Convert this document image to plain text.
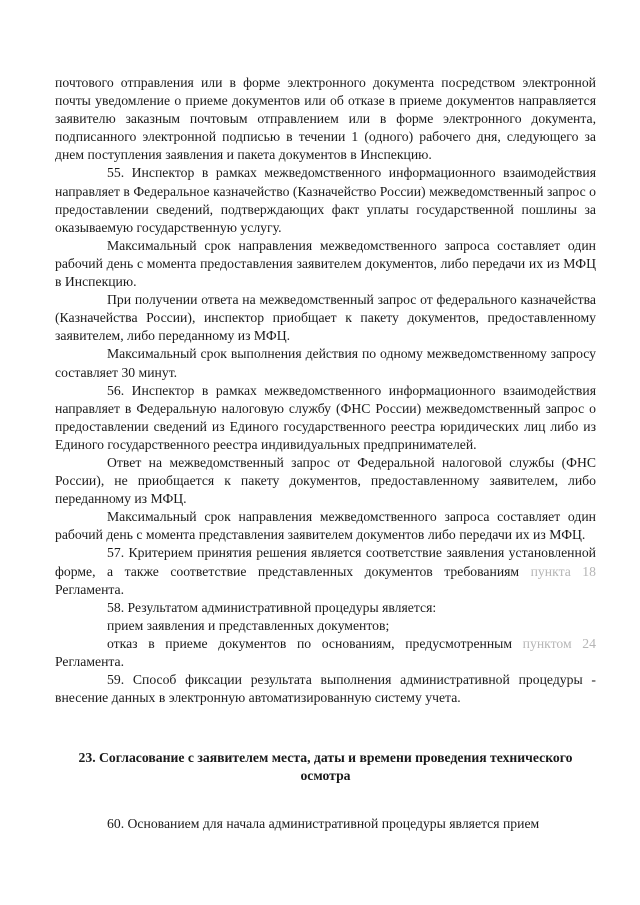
почтового отправления или в форме электронного документа посредством электронной почты уведомление о приеме документов или об отказе в приеме документов направляется заявителю заказным почтовым отправлением или в форме электронного документа, подписанного электронной подписью в течении 1 (одного) рабочего дня, следующего за днем поступления заявления и пакета документов в Инспекцию.

55. Инспектор в рамках межведомственного информационного взаимодействия направляет в Федеральное казначейство (Казначейство России) межведомственный запрос о предоставлении сведений, подтверждающих факт уплаты государственной пошлины за оказываемую государственную услугу.

Максимальный срок направления межведомственного запроса составляет один рабочий день с момента предоставления заявителем документов, либо передачи их из МФЦ в Инспекцию.

При получении ответа на межведомственный запрос от федерального казначейства (Казначейства России), инспектор приобщает к пакету документов, предоставленному заявителем, либо переданному из МФЦ.

Максимальный срок выполнения действия по одному межведомственному запросу составляет 30 минут.

56. Инспектор в рамках межведомственного информационного взаимодействия направляет в Федеральную налоговую службу (ФНС России) межведомственный запрос о предоставлении сведений из Единого государственного реестра юридических лиц либо из Единого государственного реестра индивидуальных предпринимателей.

Ответ на межведомственный запрос от Федеральной налоговой службы (ФНС России), не приобщается к пакету документов, предоставленному заявителем, либо переданному из МФЦ.

Максимальный срок направления межведомственного запроса составляет один рабочий день с момента представления заявителем документов либо передачи их из МФЦ.

57. Критерием принятия решения является соответствие заявления установленной форме, а также соответствие представленных документов требованиям пункта 18 Регламента.

58. Результатом административной процедуры является:

прием заявления и представленных документов;

отказ в приеме документов по основаниям, предусмотренным пунктом 24 Регламента.

59. Способ фиксации результата выполнения административной процедуры - внесение данных в электронную автоматизированную систему учета.

23. Согласование с заявителем места, даты и времени проведения технического осмотра
60. Основанием для начала административной процедуры является прием
